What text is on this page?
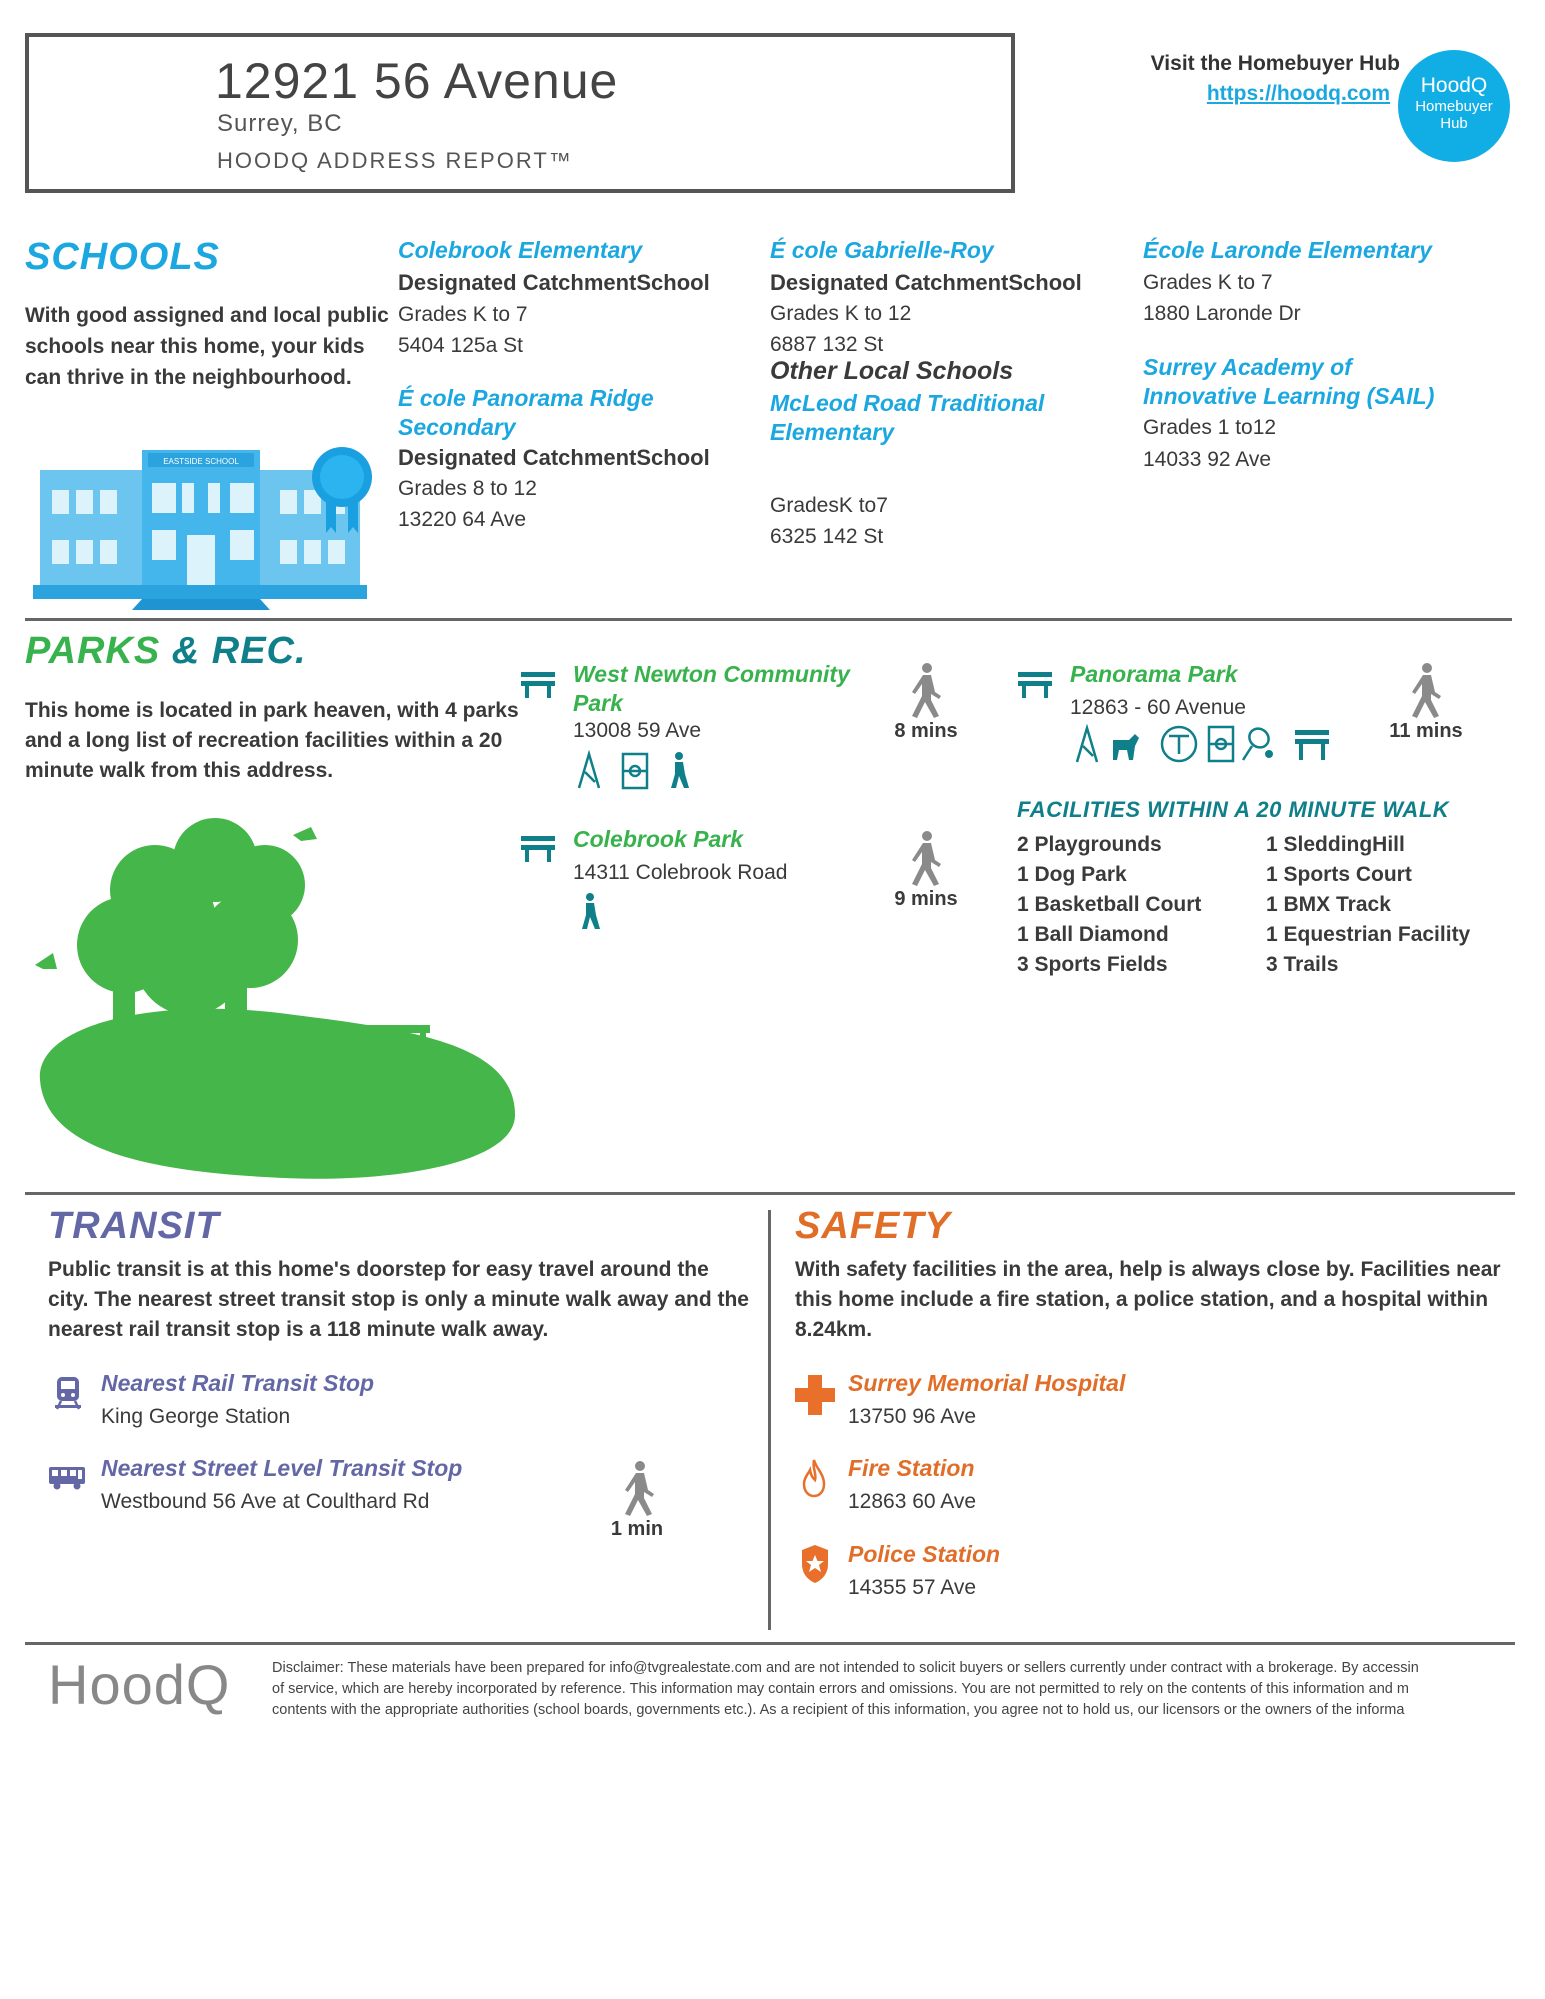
12921 56 Avenue
Surrey, BC
HOODQ ADDRESS REPORT™
Visit the Homebuyer Hub
https://hoodq.com	HoodQ
Homebuyer
Hub
SCHOOLS
With good assigned and local public
schools near this home, your kids
can thrive in the neighbourhood.
EASTSIDE SCHOOL
Colebrook Elementary
Designated CatchmentSchool
Grades K to 7
5404 125a St
É cole Panorama Ridge
Secondary
Designated CatchmentSchool
Grades 8 to 12
13220 64 Ave
É cole Gabrielle-Roy
Designated CatchmentSchool
Grades K to 12
6887 132 St
Other Local Schools
McLeod Road Traditional
Elementary
GradesK to7
6325 142 St
École Laronde Elementary
Grades K to 7
1880 Laronde Dr
Surrey Academy of
Innovative Learning (SAIL)
Grades 1 to12
14033 92 Ave
PARKS & REC.
This home is located in park heaven, with 4 parks
and a long list of recreation facilities within a 20
minute walk from this address.
West Newton Community
Park
13008 59 Ave	8 mins
Colebrook Park
14311 Colebrook Road
9 mins
Panorama Park
12863 - 60 Avenue
11 mins
FACILITIES WITHIN A 20 MINUTE WALK
2 Playgrounds
1 Dog Park
1 Basketball Court
1 Ball Diamond
3 Sports Fields
1 SleddingHill
1 Sports Court
1 BMX Track
1 Equestrian Facility
3 Trails
TRANSIT
Public transit is at this home's doorstep for easy travel around the
city. The nearest street transit stop is only a minute walk away and the
nearest rail transit stop is a 118 minute walk away.
Nearest Rail Transit Stop
King George Station
Nearest Street Level Transit Stop
Westbound 56 Ave at Coulthard Rd
1 min
SAFETY
With safety facilities in the area, help is always close by. Facilities near
this home include a fire station, a police station, and a hospital within
8.24km.
Surrey Memorial Hospital
13750 96 Ave
Fire Station
12863 60 Ave
Police Station
14355 57 Ave
HoodQ	Disclaimer: These materials have been prepared for info@tvgrealestate.com and are not intended to solicit buyers or sellers currently under contract with a brokerage. By accessin
of service, which are hereby incorporated by reference. This information may contain errors and omissions. You are not permitted to rely on the contents of this information and m
contents with the appropriate authorities (school boards, governments etc.). As a recipient of this information, you agree not to hold us, our licensors or the owners of the informa
